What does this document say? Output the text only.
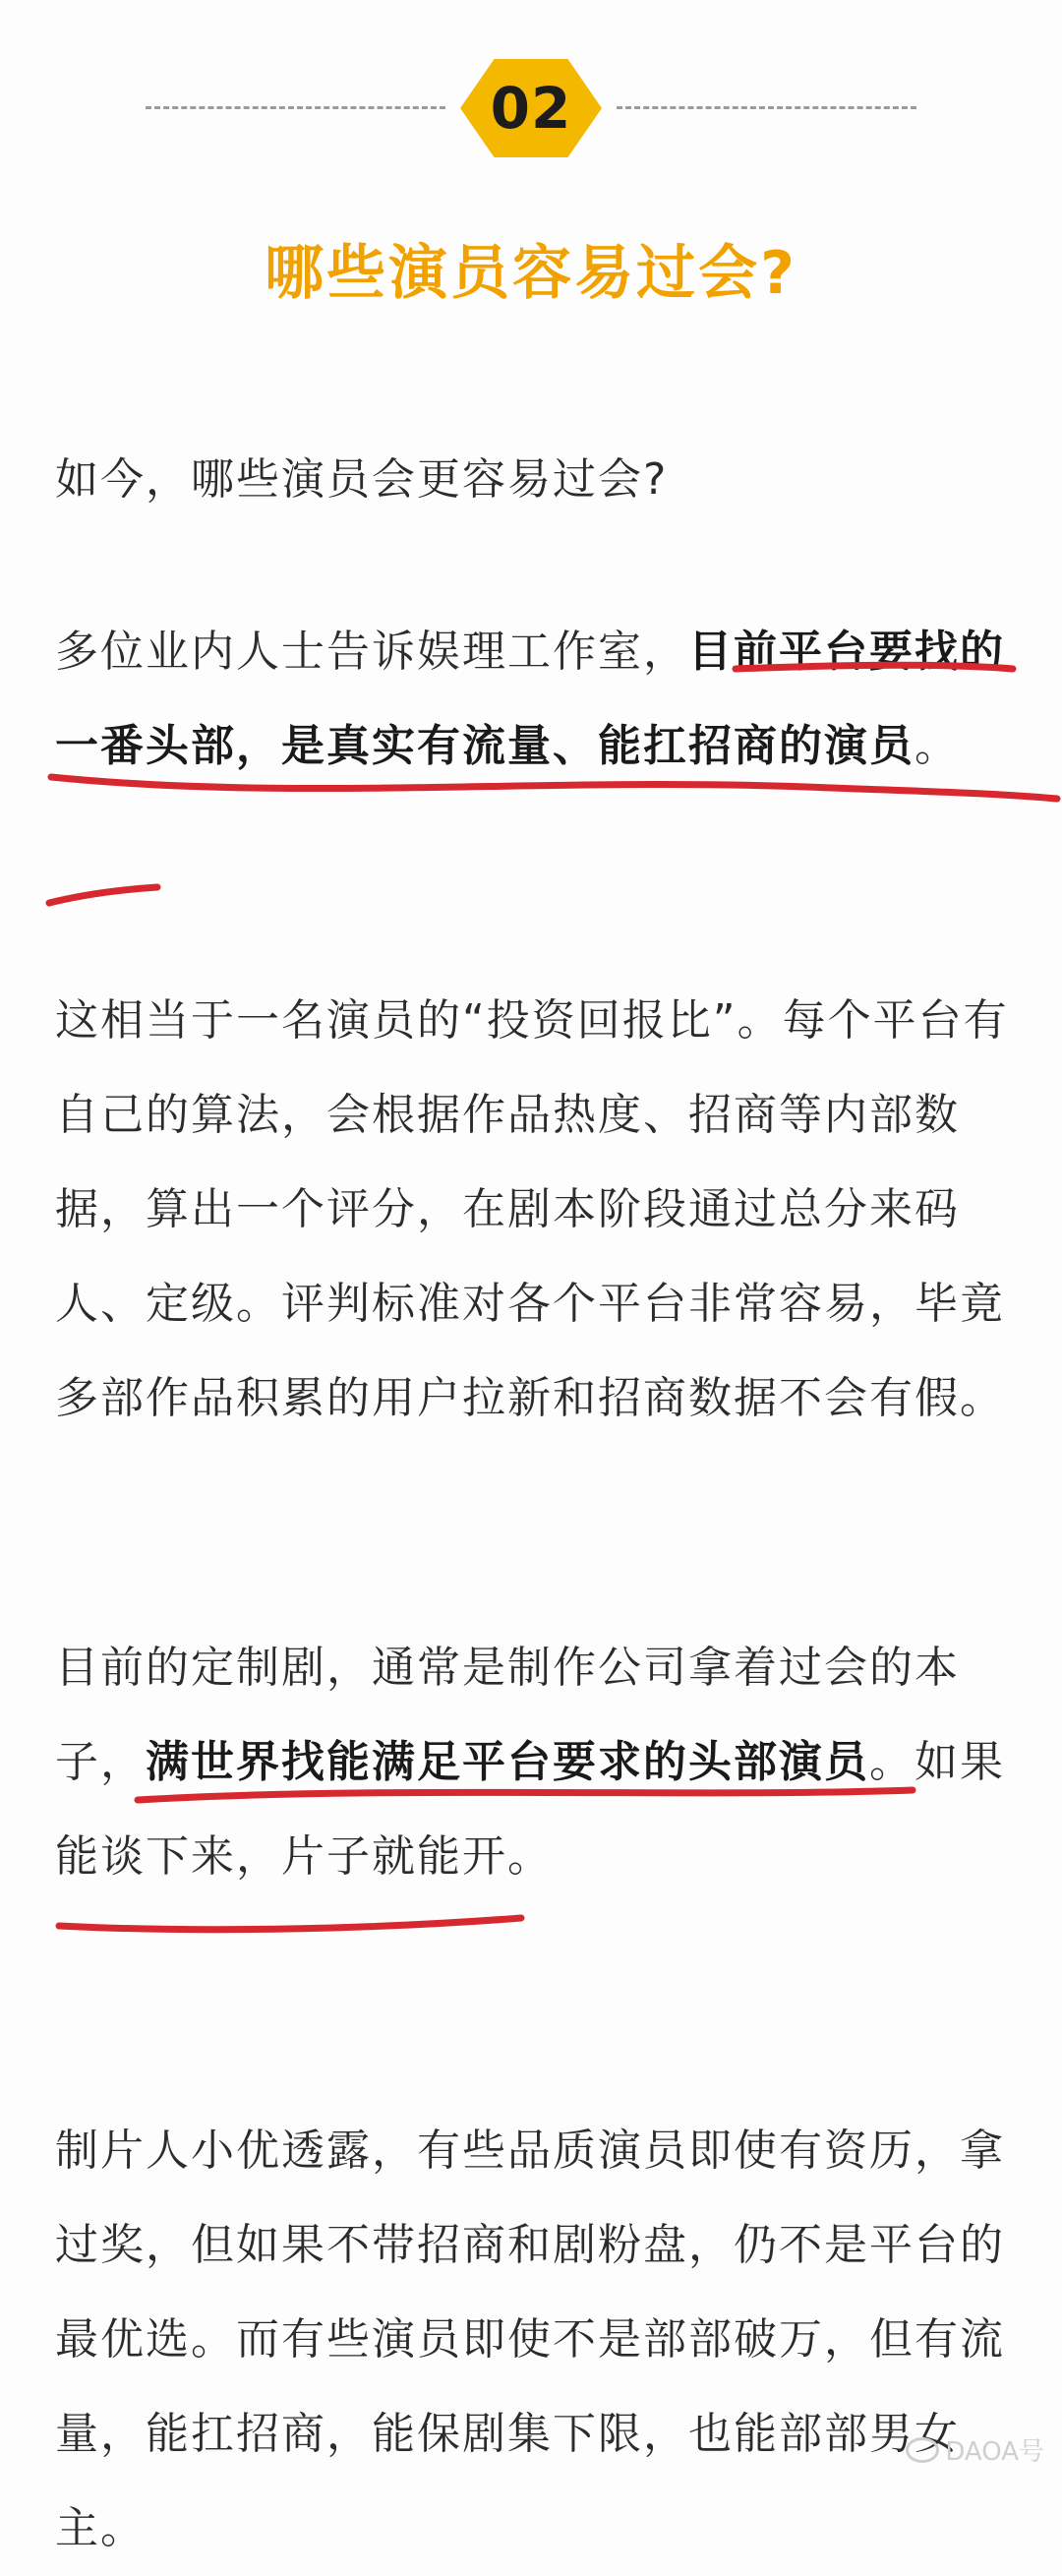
02
哪些演员容易过会?

如今，哪些演员会更容易过会?

多位业内人士告诉娱理工作室，目前平台要找的一番头部，是真实有流量、能扛招商的演员。

这相当于一名演员的“投资回报比”。每个平台有自己的算法，会根据作品热度、招商等内部数据，算出一个评分，在剧本阶段通过总分来码人、定级。评判标准对各个平台非常容易，毕竟多部作品积累的用户拉新和招商数据不会有假。

目前的定制剧，通常是制作公司拿着过会的本子，满世界找能满足平台要求的头部演员。如果能谈下来，片子就能开。

制片人小优透露，有些品质演员即使有资历，拿过奖，但如果不带招商和剧粉盘，仍不是平台的最优选。而有些演员即使不是部部破万，但有流量，能扛招商，能保剧集下限，也能部部男女主。

DAOA号
